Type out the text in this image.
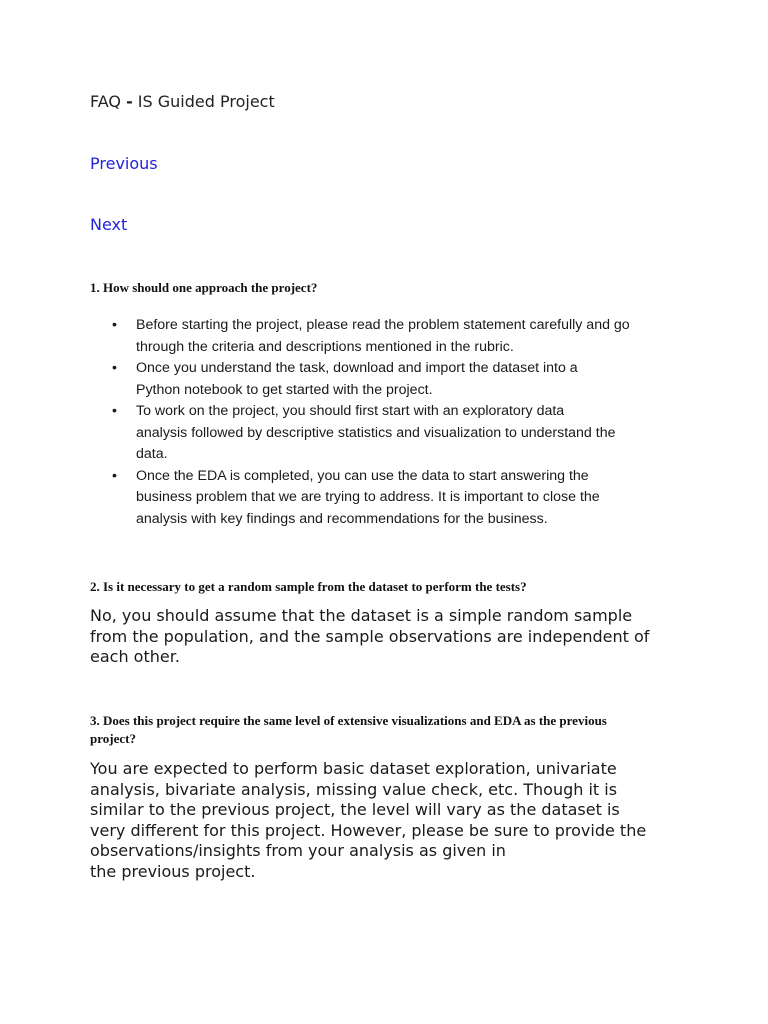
FAQ - IS Guided Project
Previous
Next
1. How should one approach the project?
• Before starting the project, please read the problem statement carefully and go
through the criteria and descriptions mentioned in the rubric.
• Once you understand the task, download and import the dataset into a
Python notebook to get started with the project.
• To work on the project, you should first start with an exploratory data
analysis followed by descriptive statistics and visualization to understand the
data.
• Once the EDA is completed, you can use the data to start answering the
business problem that we are trying to address. It is important to close the
analysis with key findings and recommendations for the business.
2. Is it necessary to get a random sample from the dataset to perform the tests?

No, you should assume that the dataset is a simple random sample
from the population, and the sample observations are independent of
each other.

3. Does this project require the same level of extensive visualizations and EDA as the previous
project?

You are expected to perform basic dataset exploration, univariate
analysis, bivariate analysis, missing value check, etc. Though it is
similar to the previous project, the level will vary as the dataset is
very different for this project. However, please be sure to provide the
observations/insights from your analysis as given in
the previous project.
